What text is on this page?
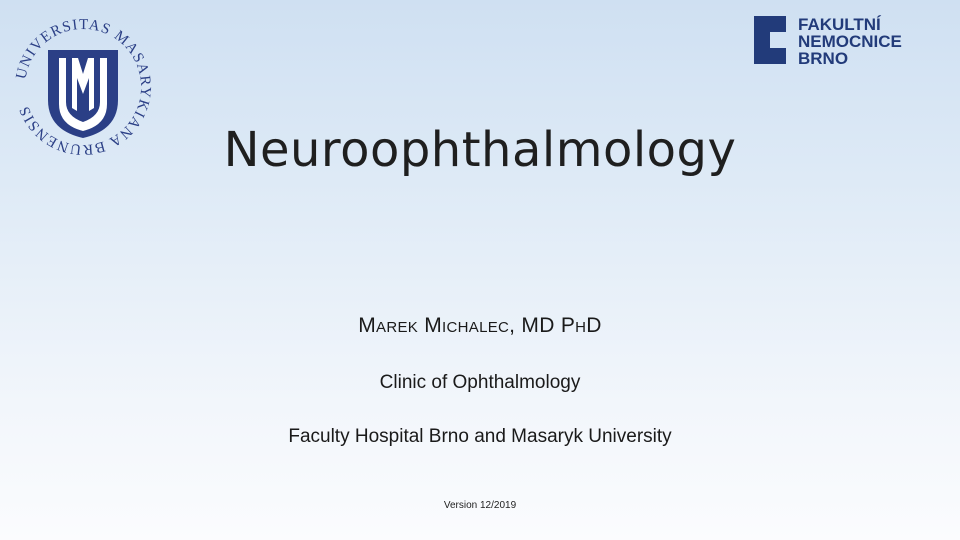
UNIVERSITAS MASARYKIANA BRUNENSIS
FAKULTNÍ
NEMOCNICE
BRNO
Neuroophthalmology
Marek Michalec, MD PhD
Clinic of Ophthalmology
Faculty Hospital Brno and Masaryk University
Version 12/2019
